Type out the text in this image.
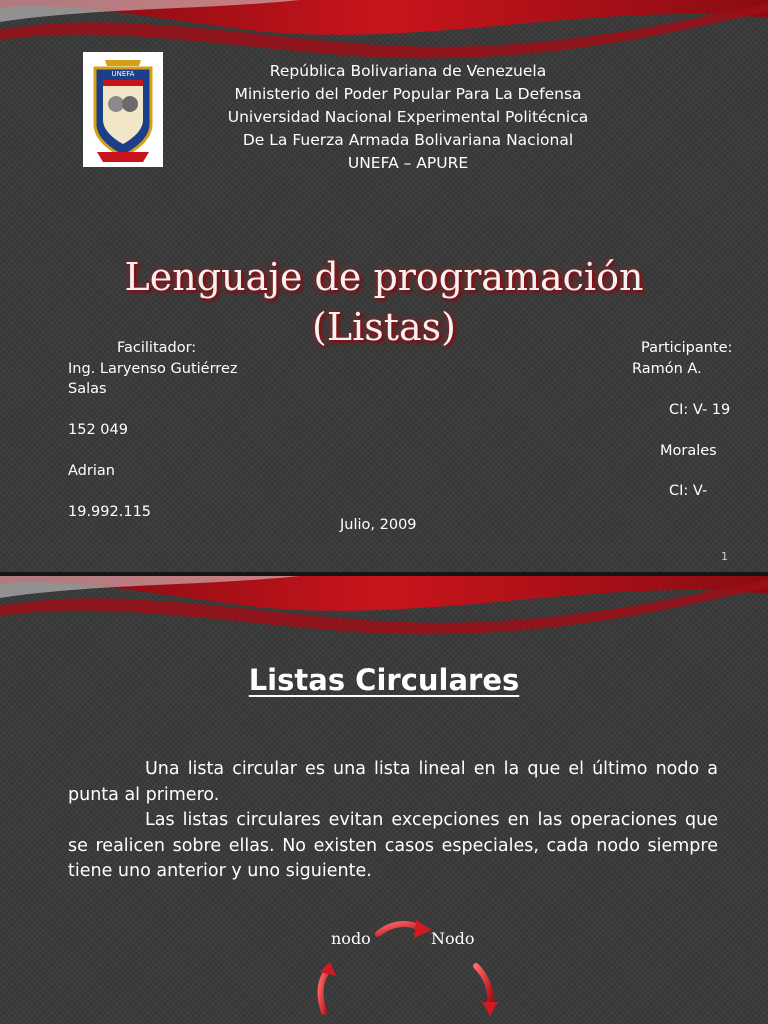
UNEFA	República Bolivariana de Venezuela

Ministerio del Poder Popular Para La Defensa

Universidad Nacional Experimental Politécnica

De La Fuerza Armada Bolivariana Nacional

UNEFA – APURE

Lenguaje de programación
(Listas)

Facilitador:

Ing. Laryenso Gutiérrez

Salas

152 049

Adrian

19.992.115

Participante:

Ramón A.

CI: V- 19

Morales

CI: V-

Julio, 2009

1

Listas Circulares

Una lista circular es una lista lineal en la que el último nodo a punta al primero.

Las listas circulares evitan excepciones en las operaciones que se realicen sobre ellas. No existen casos especiales, cada nodo siempre tiene uno anterior y uno siguiente.

nodo	Nodo
